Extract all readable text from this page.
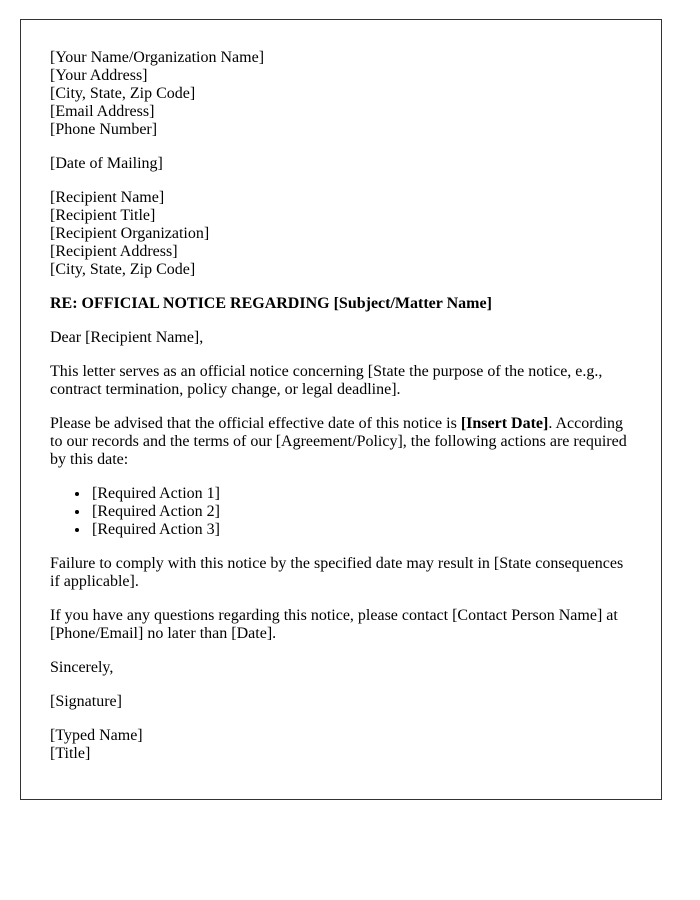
[Your Name/Organization Name]
[Your Address]
[City, State, Zip Code]
[Email Address]
[Phone Number]

[Date of Mailing]

[Recipient Name]
[Recipient Title]
[Recipient Organization]
[Recipient Address]
[City, State, Zip Code]

RE: OFFICIAL NOTICE REGARDING [Subject/Matter Name]

Dear [Recipient Name],

This letter serves as an official notice concerning [State the purpose of the notice, e.g., contract termination, policy change, or legal deadline].

Please be advised that the official effective date of this notice is [Insert Date]. According to our records and the terms of our [Agreement/Policy], the following actions are required by this date:

• [Required Action 1]
• [Required Action 2]
• [Required Action 3]

Failure to comply with this notice by the specified date may result in [State consequences if applicable].

If you have any questions regarding this notice, please contact [Contact Person Name] at [Phone/Email] no later than [Date].

Sincerely,

[Signature]

[Typed Name]
[Title]
